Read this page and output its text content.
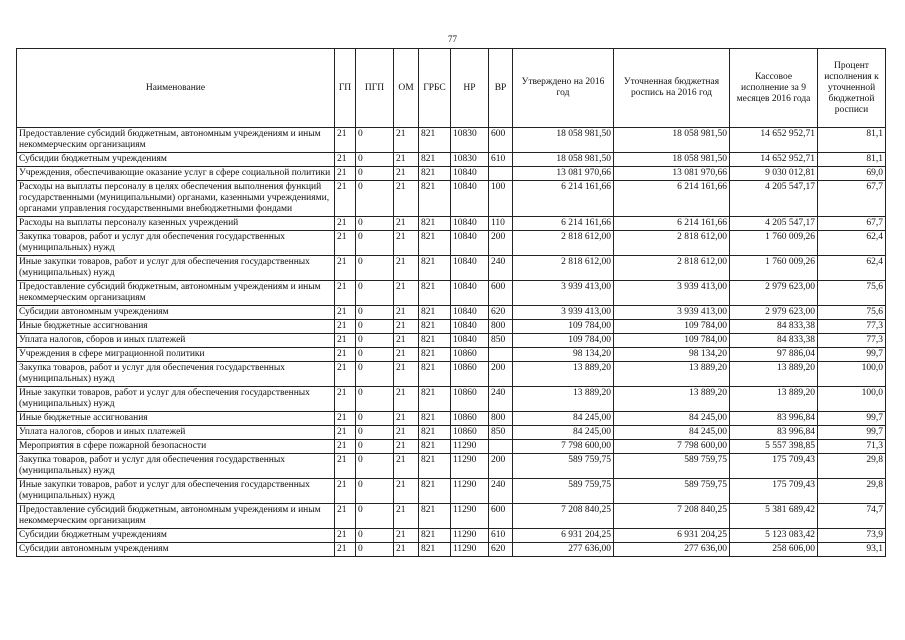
77
Наименование	ГП	ПГП	ОМ	ГРБС	НР	ВР	Утверждено на 2016 год	Уточненная бюджетная роспись на 2016 год	Кассовое исполнение за 9 месяцев 2016 года	Процент исполнения к уточненной бюджетной росписи
Предоставление субсидий бюджетным, автономным учреждениям и иным некоммерческим организациям	21	0	21	821	10830	600	18 058 981,50	18 058 981,50	14 652 952,71	81,1
Субсидии бюджетным учреждениям	21	0	21	821	10830	610	18 058 981,50	18 058 981,50	14 652 952,71	81,1
Учреждения, обеспечивающие оказание услуг в сфере социальной политики	21	0	21	821	10840		13 081 970,66	13 081 970,66	9 030 012,81	69,0
Расходы на выплаты персоналу в целях обеспечения выполнения функций государственными (муниципальными) органами, казенными учреждениями, органами управления государственными внебюджетными фондами	21	0	21	821	10840	100	6 214 161,66	6 214 161,66	4 205 547,17	67,7
Расходы на выплаты персоналу казенных учреждений	21	0	21	821	10840	110	6 214 161,66	6 214 161,66	4 205 547,17	67,7
Закупка товаров, работ и услуг для обеспечения государственных (муниципальных) нужд	21	0	21	821	10840	200	2 818 612,00	2 818 612,00	1 760 009,26	62,4
Иные закупки товаров, работ и услуг для обеспечения государственных (муниципальных) нужд	21	0	21	821	10840	240	2 818 612,00	2 818 612,00	1 760 009,26	62,4
Предоставление субсидий бюджетным, автономным учреждениям и иным некоммерческим организациям	21	0	21	821	10840	600	3 939 413,00	3 939 413,00	2 979 623,00	75,6
Субсидии автономным учреждениям	21	0	21	821	10840	620	3 939 413,00	3 939 413,00	2 979 623,00	75,6
Иные бюджетные ассигнования	21	0	21	821	10840	800	109 784,00	109 784,00	84 833,38	77,3
Уплата налогов, сборов и иных платежей	21	0	21	821	10840	850	109 784,00	109 784,00	84 833,38	77,3
Учреждения в сфере миграционной политики	21	0	21	821	10860		98 134,20	98 134,20	97 886,04	99,7
Закупка товаров, работ и услуг для обеспечения государственных (муниципальных) нужд	21	0	21	821	10860	200	13 889,20	13 889,20	13 889,20	100,0
Иные закупки товаров, работ и услуг для обеспечения государственных (муниципальных) нужд	21	0	21	821	10860	240	13 889,20	13 889,20	13 889,20	100,0
Иные бюджетные ассигнования	21	0	21	821	10860	800	84 245,00	84 245,00	83 996,84	99,7
Уплата налогов, сборов и иных платежей	21	0	21	821	10860	850	84 245,00	84 245,00	83 996,84	99,7
Мероприятия в сфере пожарной безопасности	21	0	21	821	11290		7 798 600,00	7 798 600,00	5 557 398,85	71,3
Закупка товаров, работ и услуг для обеспечения государственных (муниципальных) нужд	21	0	21	821	11290	200	589 759,75	589 759,75	175 709,43	29,8
Иные закупки товаров, работ и услуг для обеспечения государственных (муниципальных) нужд	21	0	21	821	11290	240	589 759,75	589 759,75	175 709,43	29,8
Предоставление субсидий бюджетным, автономным учреждениям и иным некоммерческим организациям	21	0	21	821	11290	600	7 208 840,25	7 208 840,25	5 381 689,42	74,7
Субсидии бюджетным учреждениям	21	0	21	821	11290	610	6 931 204,25	6 931 204,25	5 123 083,42	73,9
Субсидии автономным учреждениям	21	0	21	821	11290	620	277 636,00	277 636,00	258 606,00	93,1
